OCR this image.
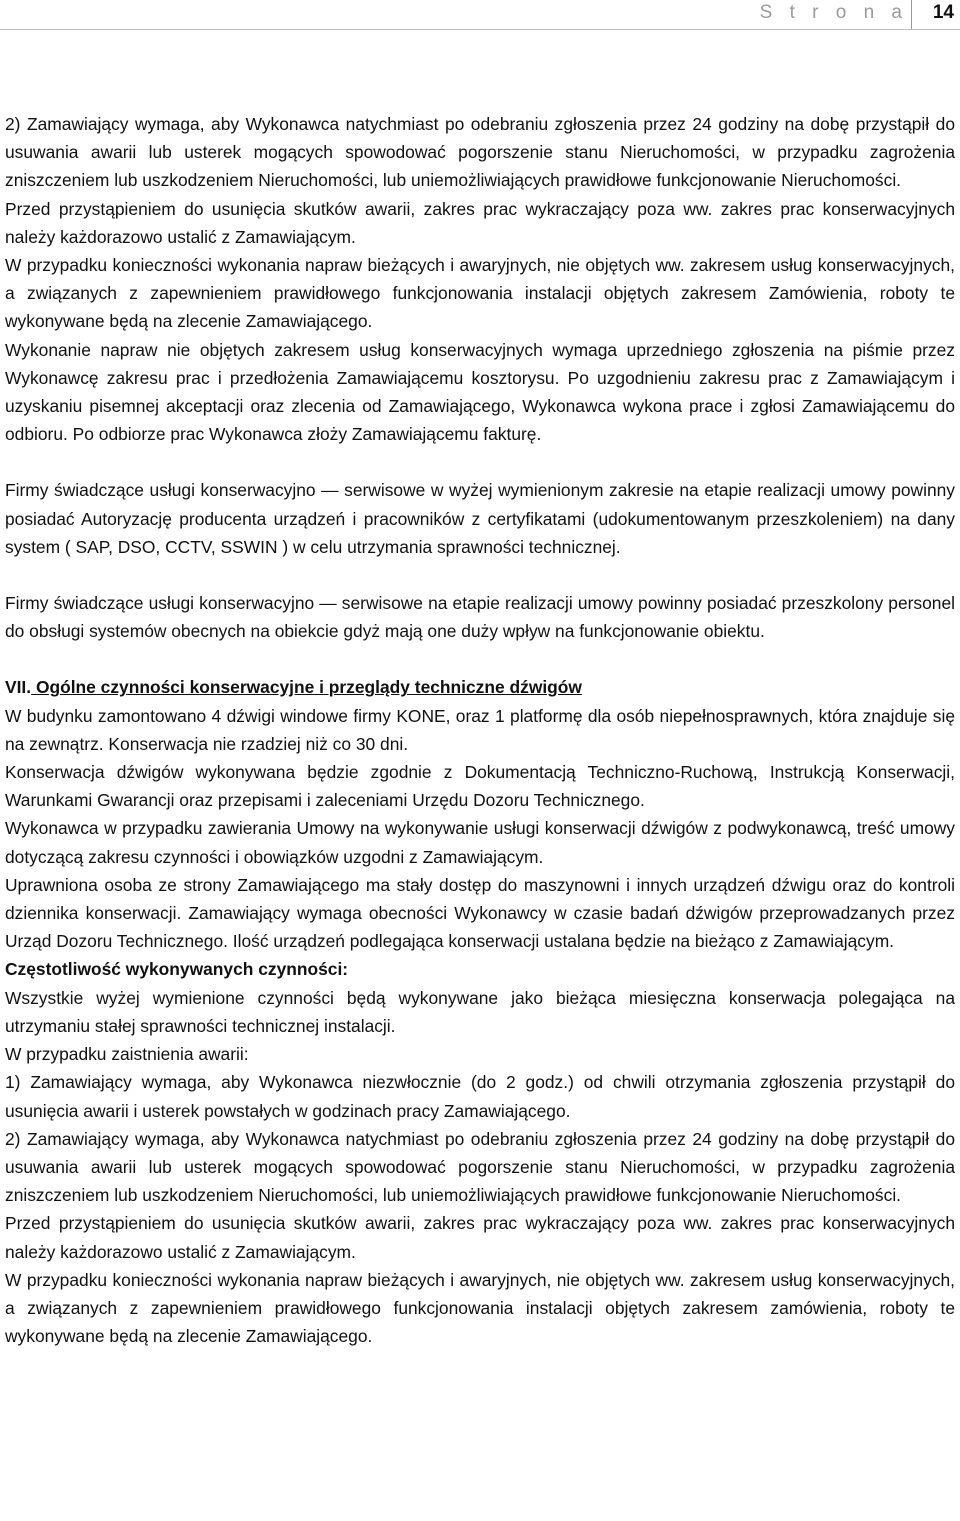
S t r o n a 14

2) Zamawiający wymaga, aby Wykonawca natychmiast po odebraniu zgłoszenia przez 24 godziny na dobę przystąpił do usuwania awarii lub usterek mogących spowodować pogorszenie stanu Nieruchomości, w przypadku zagrożenia zniszczeniem lub uszkodzeniem Nieruchomości, lub uniemożliwiających prawidłowe funkcjonowanie Nieruchomości.

Przed przystąpieniem do usunięcia skutków awarii, zakres prac wykraczający poza ww. zakres prac konserwacyjnych należy każdorazowo ustalić z Zamawiającym.

W przypadku konieczności wykonania napraw bieżących i awaryjnych, nie objętych ww. zakresem usług konserwacyjnych, a związanych z zapewnieniem prawidłowego funkcjonowania instalacji objętych zakresem Zamówienia, roboty te wykonywane będą na zlecenie Zamawiającego.

Wykonanie napraw nie objętych zakresem usług konserwacyjnych wymaga uprzedniego zgłoszenia na piśmie przez Wykonawcę zakresu prac i przedłożenia Zamawiającemu kosztorysu. Po uzgodnieniu zakresu prac z Zamawiającym i uzyskaniu pisemnej akceptacji oraz zlecenia od Zamawiającego, Wykonawca wykona prace i zgłosi Zamawiającemu do odbioru. Po odbiorze prac Wykonawca złoży Zamawiającemu fakturę.

Firmy świadczące usługi konserwacyjno — serwisowe w wyżej wymienionym zakresie na etapie realizacji umowy powinny posiadać Autoryzację producenta urządzeń i pracowników z certyfikatami (udokumentowanym przeszkoleniem) na dany system ( SAP, DSO, CCTV, SSWIN ) w celu utrzymania sprawności technicznej.

Firmy świadczące usługi konserwacyjno — serwisowe na etapie realizacji umowy powinny posiadać przeszkolony personel do obsługi systemów obecnych na obiekcie gdyż mają one duży wpływ na funkcjonowanie obiektu.

VII. Ogólne czynności konserwacyjne i przeglądy techniczne dźwigów

W budynku zamontowano 4 dźwigi windowe firmy KONE, oraz 1 platformę dla osób niepełnosprawnych, która znajduje się na zewnątrz. Konserwacja nie rzadziej niż co 30 dni.

Konserwacja dźwigów wykonywana będzie zgodnie z Dokumentacją Techniczno-Ruchową, Instrukcją Konserwacji, Warunkami Gwarancji oraz przepisami i zaleceniami Urzędu Dozoru Technicznego.

Wykonawca w przypadku zawierania Umowy na wykonywanie usługi konserwacji dźwigów z podwykonawcą, treść umowy dotyczącą zakresu czynności i obowiązków uzgodni z Zamawiającym.

Uprawniona osoba ze strony Zamawiającego ma stały dostęp do maszynowni i innych urządzeń dźwigu oraz do kontroli dziennika konserwacji. Zamawiający wymaga obecności Wykonawcy w czasie badań dźwigów przeprowadzanych przez Urząd Dozoru Technicznego. Ilość urządzeń podlegająca konserwacji ustalana będzie na bieżąco z Zamawiającym.

Częstotliwość wykonywanych czynności:

Wszystkie wyżej wymienione czynności będą wykonywane jako bieżąca miesięczna konserwacja polegająca na utrzymaniu stałej sprawności technicznej instalacji.

W przypadku zaistnienia awarii:

1) Zamawiający wymaga, aby Wykonawca niezwłocznie (do 2 godz.) od chwili otrzymania zgłoszenia przystąpił do usunięcia awarii i usterek powstałych w godzinach pracy Zamawiającego.

2) Zamawiający wymaga, aby Wykonawca natychmiast po odebraniu zgłoszenia przez 24 godziny na dobę przystąpił do usuwania awarii lub usterek mogących spowodować pogorszenie stanu Nieruchomości, w przypadku zagrożenia zniszczeniem lub uszkodzeniem Nieruchomości, lub uniemożliwiających prawidłowe funkcjonowanie Nieruchomości.

Przed przystąpieniem do usunięcia skutków awarii, zakres prac wykraczający poza ww. zakres prac konserwacyjnych należy każdorazowo ustalić z Zamawiającym.

W przypadku konieczności wykonania napraw bieżących i awaryjnych, nie objętych ww. zakresem usług konserwacyjnych, a związanych z zapewnieniem prawidłowego funkcjonowania instalacji objętych zakresem zamówienia, roboty te wykonywane będą na zlecenie Zamawiającego.
